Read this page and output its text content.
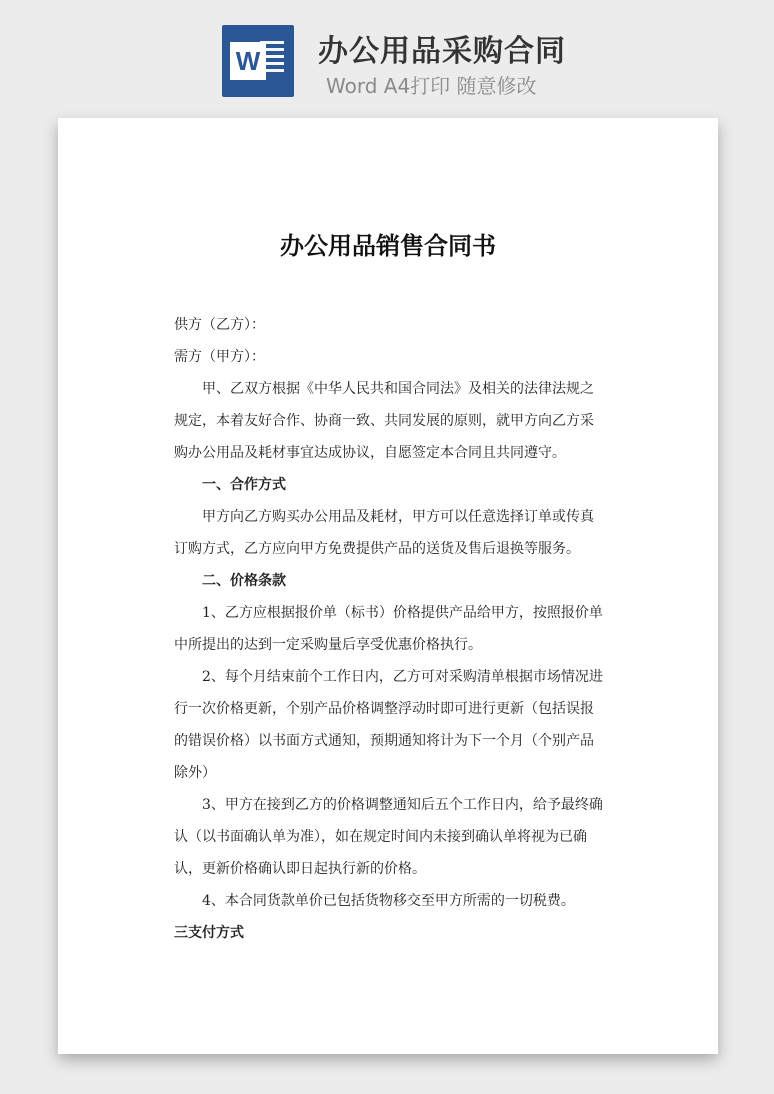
W 办公用品采购合同
Word A4打印 随意修改
办公用品销售合同书

供方（乙方）：

需方（甲方）：

甲、乙双方根据《中华人民共和国合同法》及相关的法律法规之规定，本着友好合作、协商一致、共同发展的原则，就甲方向乙方采购办公用品及耗材事宜达成协议，自愿签定本合同且共同遵守。

一、合作方式

甲方向乙方购买办公用品及耗材，甲方可以任意选择订单或传真订购方式，乙方应向甲方免费提供产品的送货及售后退换等服务。

二、价格条款

1、乙方应根据报价单（标书）价格提供产品给甲方，按照报价单中所提出的达到一定采购量后享受优惠价格执行。

2、每个月结束前个工作日内，乙方可对采购清单根据市场情况进行一次价格更新，个别产品价格调整浮动时即可进行更新（包括误报的错误价格）以书面方式通知，预期通知将计为下一个月（个别产品除外）

3、甲方在接到乙方的价格调整通知后五个工作日内，给予最终确认（以书面确认单为准），如在规定时间内未接到确认单将视为已确认，更新价格确认即日起执行新的价格。

4、本合同货款单价已包括货物移交至甲方所需的一切税费。

三支付方式
